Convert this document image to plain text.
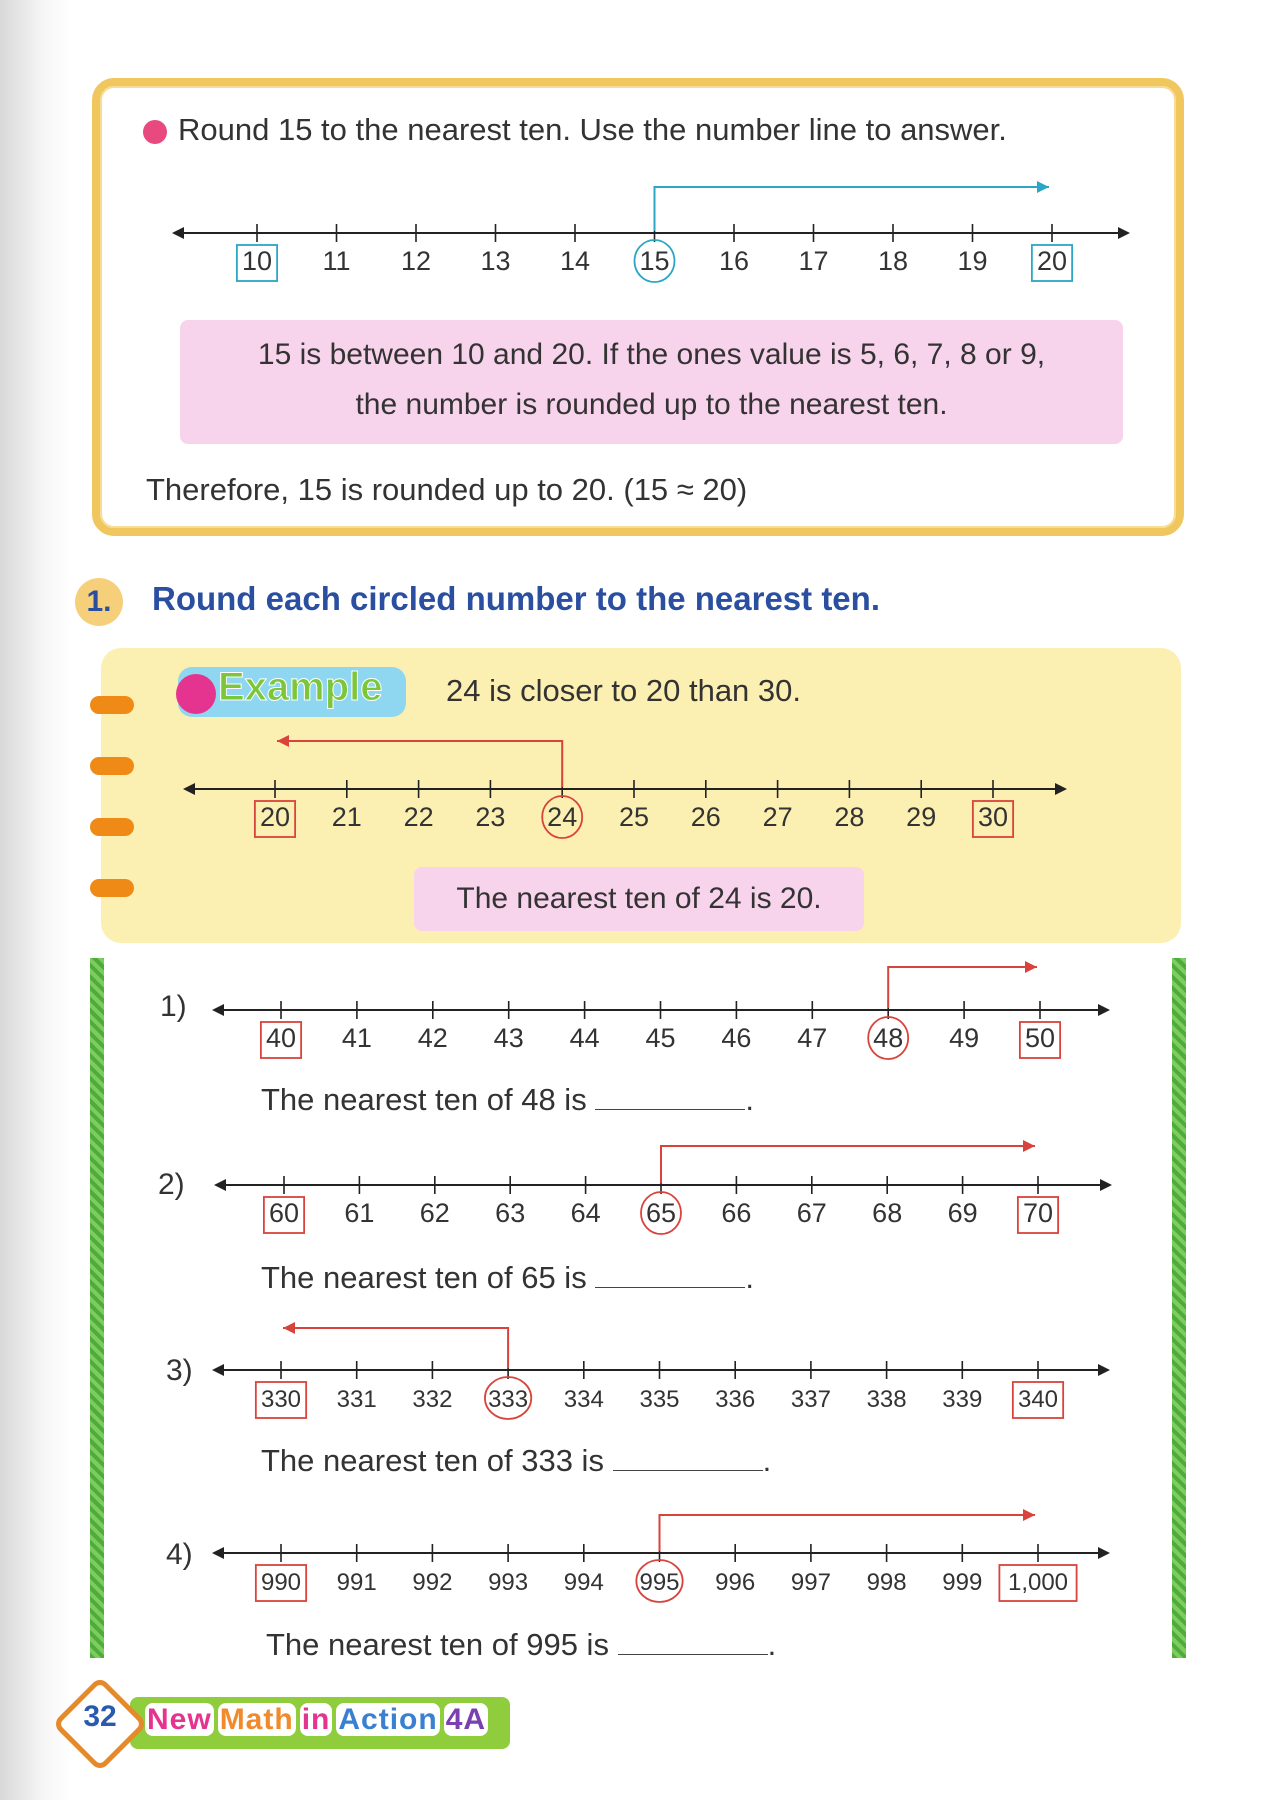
Round 15 to the nearest ten. Use the number line to answer.
15 is between 10 and 20. If the ones value is 5, 6, 7, 8 or 9,
the number is rounded up to the nearest ten.
Therefore, 15 is rounded up to 20. (15 ≈ 20)
1.	Round each circled number to the nearest ten.
Example 24 is closer to 20 than 30.
The nearest ten of 24 is 20.
1)
The nearest ten of 48 is	.
2)
The nearest ten of 65 is	.
3)
The nearest ten of 333 is	.
4)
The nearest ten of 995 is	.
10 11 12 13 14 15 16 17 18 19 20
20 21 22 23 24 25 26 27 28 29 30
40 41 42 43 44 45 46 47 48 49 50
60 61 62 63 64 65 66 67 68 69 70
330 331 332 333 334 335 336 337 338 339 340
990 991 992 993 994 995 996 997 998 999 1,000
32	New Math in Action 4A
